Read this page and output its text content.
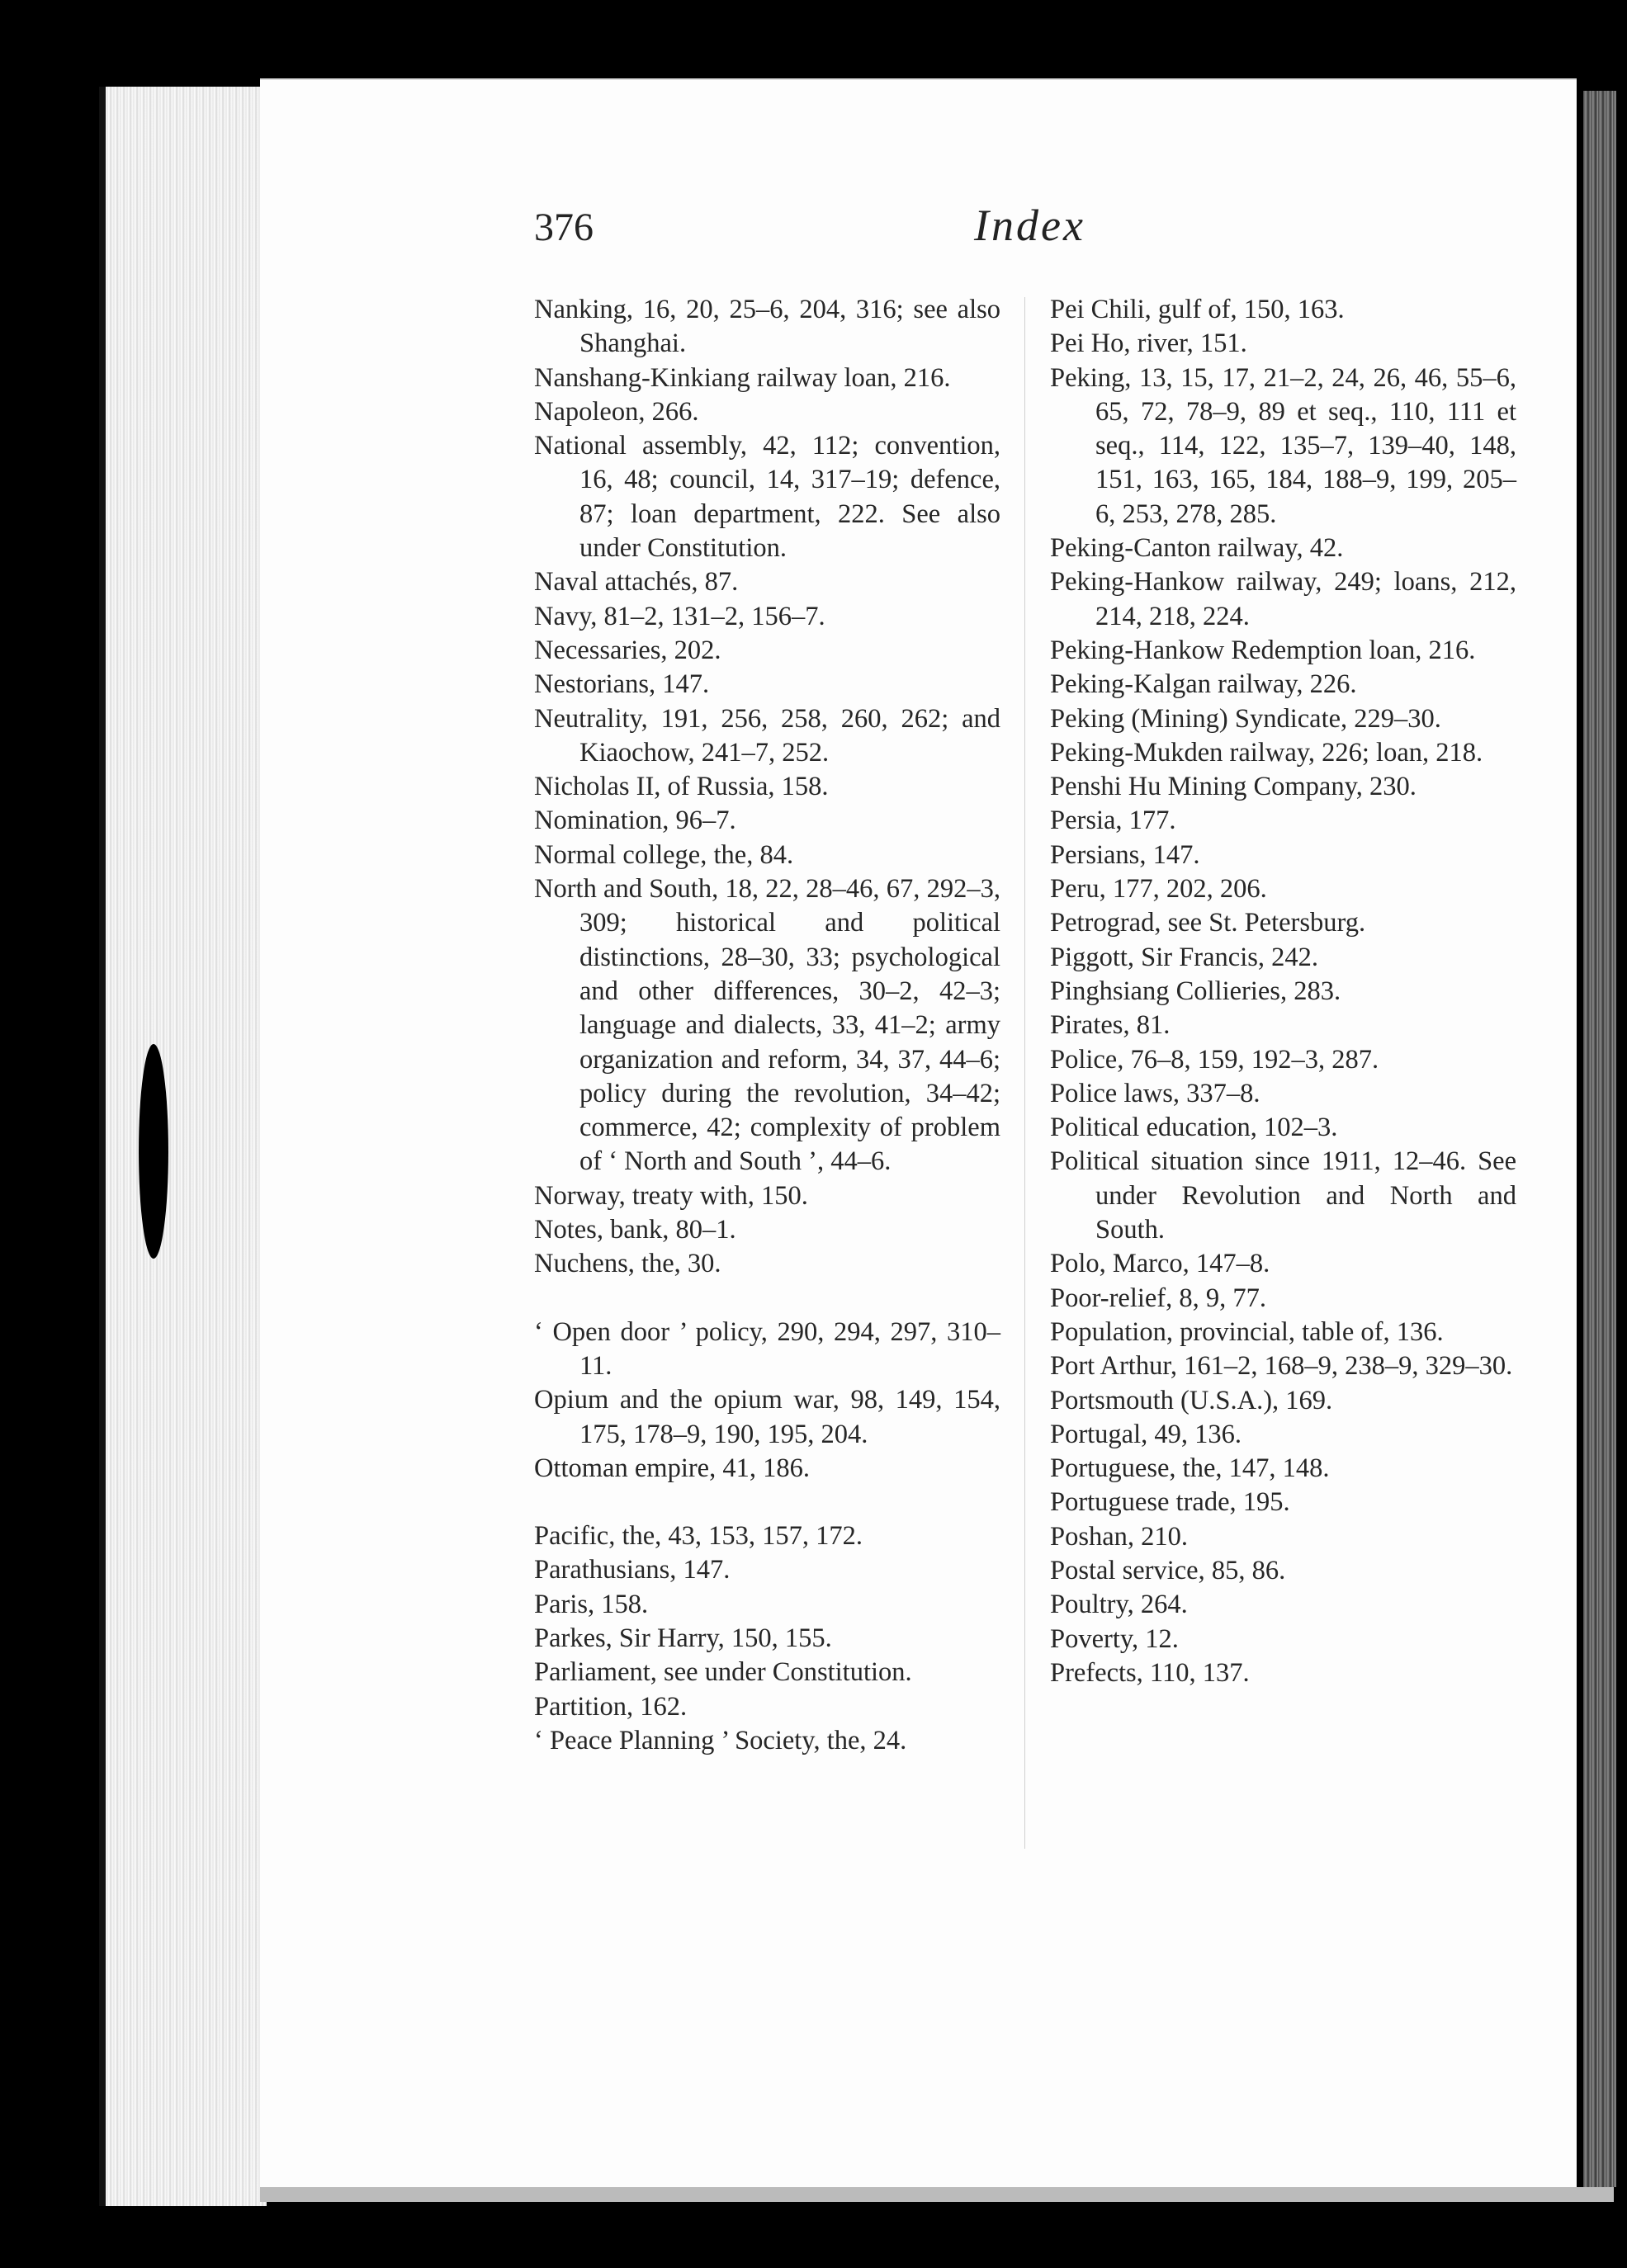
376	Index

Nanking, 16, 20, 25–6, 204, 316; see also Shanghai.

Nanshang-Kinkiang railway loan, 216.

Napoleon, 266.

National assembly, 42, 112; convention, 16, 48; council, 14, 317–19; defence, 87; loan department, 222. See also under Constitution.

Naval attachés, 87.

Navy, 81–2, 131–2, 156–7.

Necessaries, 202.

Nestorians, 147.

Neutrality, 191, 256, 258, 260, 262; and Kiaochow, 241–7, 252.

Nicholas II, of Russia, 158.

Nomination, 96–7.

Normal college, the, 84.

North and South, 18, 22, 28–46, 67, 292–3, 309; historical and political distinctions, 28–30, 33; psychological and other differences, 30–2, 42–3; language and dialects, 33, 41–2; army organization and reform, 34, 37, 44–6; policy during the revolution, 34–42; commerce, 42; complexity of problem of ‘ North and South ’, 44–6.

Norway, treaty with, 150.

Notes, bank, 80–1.

Nuchens, the, 30.

‘ Open door ’ policy, 290, 294, 297, 310–11.

Opium and the opium war, 98, 149, 154, 175, 178–9, 190, 195, 204.

Ottoman empire, 41, 186.

Pacific, the, 43, 153, 157, 172.

Parathusians, 147.

Paris, 158.

Parkes, Sir Harry, 150, 155.

Parliament, see under Constitution.

Partition, 162.

‘ Peace Planning ’ Society, the, 24.

Pei Chili, gulf of, 150, 163.

Pei Ho, river, 151.

Peking, 13, 15, 17, 21–2, 24, 26, 46, 55–6, 65, 72, 78–9, 89 et seq., 110, 111 et seq., 114, 122, 135–7, 139–40, 148, 151, 163, 165, 184, 188–9, 199, 205–6, 253, 278, 285.

Peking-Canton railway, 42.

Peking-Hankow railway, 249; loans, 212, 214, 218, 224.

Peking-Hankow Redemption loan, 216.

Peking-Kalgan railway, 226.

Peking (Mining) Syndicate, 229–30.

Peking-Mukden railway, 226; loan, 218.

Penshi Hu Mining Company, 230.

Persia, 177.

Persians, 147.

Peru, 177, 202, 206.

Petrograd, see St. Petersburg.

Piggott, Sir Francis, 242.

Pinghsiang Collieries, 283.

Pirates, 81.

Police, 76–8, 159, 192–3, 287.

Police laws, 337–8.

Political education, 102–3.

Political situation since 1911, 12–46. See under Revolution and North and South.

Polo, Marco, 147–8.

Poor-relief, 8, 9, 77.

Population, provincial, table of, 136.

Port Arthur, 161–2, 168–9, 238–9, 329–30.

Portsmouth (U.S.A.), 169.

Portugal, 49, 136.

Portuguese, the, 147, 148.

Portuguese trade, 195.

Poshan, 210.

Postal service, 85, 86.

Poultry, 264.

Poverty, 12.

Prefects, 110, 137.
